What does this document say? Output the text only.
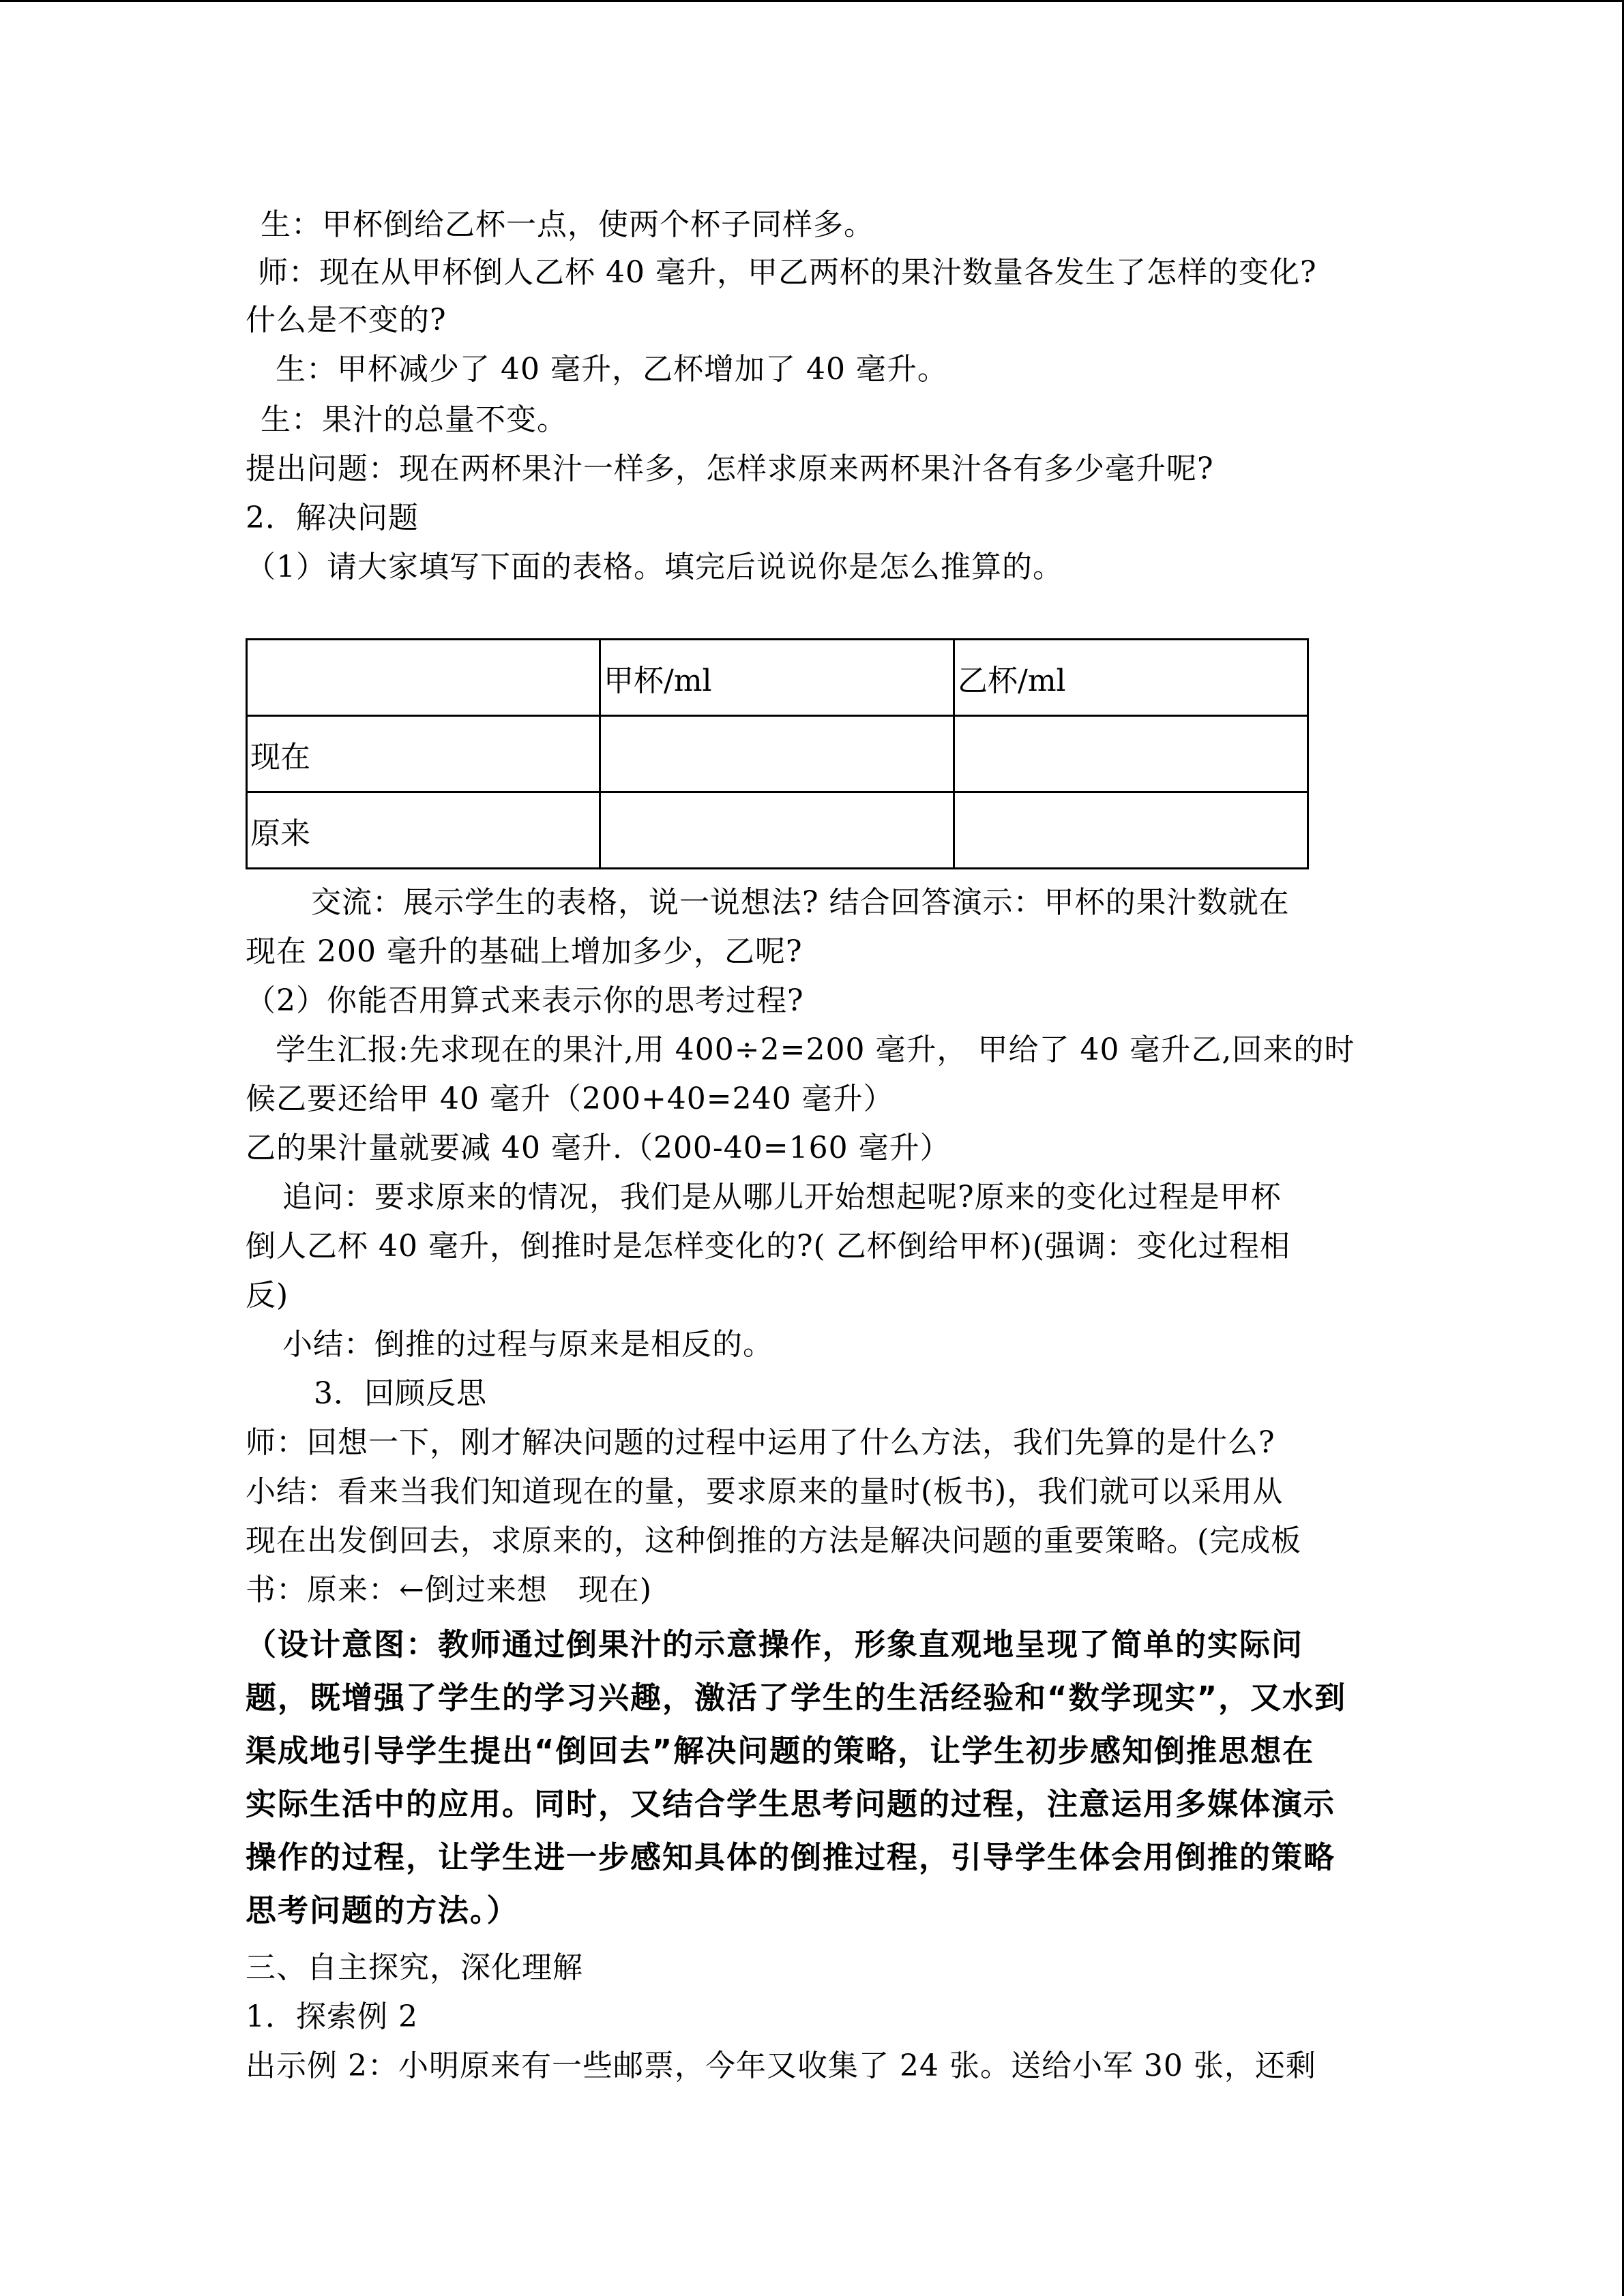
生：甲杯倒给乙杯一点，使两个杯子同样多。
师：现在从甲杯倒人乙杯 40 毫升，甲乙两杯的果汁数量各发生了怎样的变化?
什么是不变的?
生：甲杯减少了 40 毫升，乙杯增加了 40 毫升。
生：果汁的总量不变。
提出问题：现在两杯果汁一样多，怎样求原来两杯果汁各有多少毫升呢?
2．解决问题
（1）请大家填写下面的表格。填完后说说你是怎么推算的。
交流：展示学生的表格，说一说想法? 结合回答演示：甲杯的果汁数就在
现在 200 毫升的基础上增加多少，乙呢?
（2）你能否用算式来表示你的思考过程?
学生汇报:先求现在的果汁,用 400÷2=200 毫升， 甲给了 40 毫升乙,回来的时
候乙要还给甲 40 毫升（200+40=240 毫升）
乙的果汁量就要减 40 毫升.（200-40=160 毫升）
追问：要求原来的情况，我们是从哪儿开始想起呢?原来的变化过程是甲杯
倒人乙杯 40 毫升，倒推时是怎样变化的?( 乙杯倒给甲杯)(强调：变化过程相
反)
小结：倒推的过程与原来是相反的。
3．回顾反思
师：回想一下，刚才解决问题的过程中运用了什么方法，我们先算的是什么?
小结：看来当我们知道现在的量，要求原来的量时(板书)，我们就可以采用从
现在出发倒回去，求原来的，这种倒推的方法是解决问题的重要策略。(完成板
书：原来：←倒过来想　现在)
（设计意图：教师通过倒果汁的示意操作，形象直观地呈现了简单的实际问
题，既增强了学生的学习兴趣，激活了学生的生活经验和“数学现实”，又水到
渠成地引导学生提出“倒回去”解决问题的策略，让学生初步感知倒推思想在
实际生活中的应用。同时，又结合学生思考问题的过程，注意运用多媒体演示
操作的过程，让学生进一步感知具体的倒推过程，引导学生体会用倒推的策略
思考问题的方法。）
三、自主探究，深化理解
1．探索例 2
出示例 2：小明原来有一些邮票，今年又收集了 24 张。送给小军 30 张，还剩
	甲杯/ml	乙杯/ml
现在		
原来		
